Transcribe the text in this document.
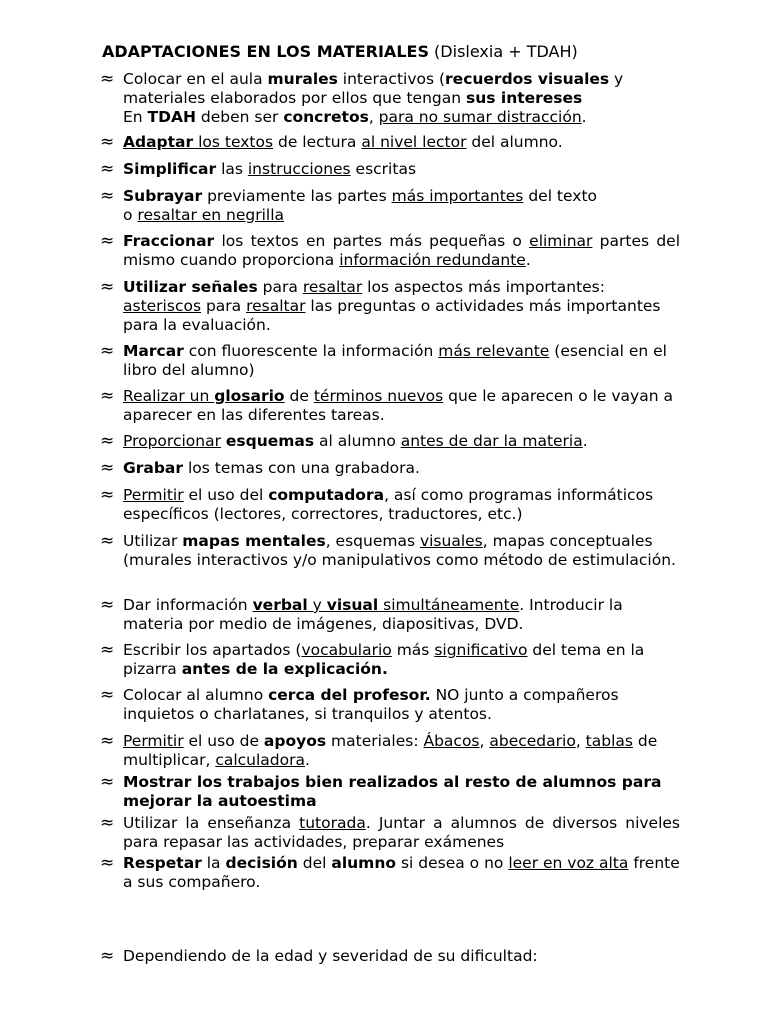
ADAPTACIONES EN LOS MATERIALES (Dislexia + TDAH)
≈ Colocar en el aula murales interactivos (recuerdos visuales y materiales elaborados por ellos que tengan sus intereses
En TDAH deben ser concretos, para no sumar distracción.
≈ Adaptar los textos de lectura al nivel lector del alumno.
≈ Simplificar las instrucciones escritas
≈ Subrayar previamente las partes más importantes del texto
o resaltar en negrilla
≈ Fraccionar los textos en partes más pequeñas o eliminar partes del mismo cuando proporciona información redundante.
≈ Utilizar señales para resaltar los aspectos más importantes: asteriscos para resaltar las preguntas o actividades más importantes para la evaluación.
≈ Marcar con fluorescente la información más relevante (esencial en el libro del alumno)
≈ Realizar un glosario de términos nuevos que le aparecen o le vayan a aparecer en las diferentes tareas.
≈ Proporcionar esquemas al alumno antes de dar la materia.
≈ Grabar los temas con una grabadora.
≈ Permitir el uso del computadora, así como programas informáticos específicos (lectores, correctores, traductores, etc.)
≈ Utilizar mapas mentales, esquemas visuales, mapas conceptuales (murales interactivos y/o manipulativos como método de estimulación.
≈ Dar información verbal y visual simultáneamente. Introducir la materia por medio de imágenes, diapositivas, DVD.
≈ Escribir los apartados (vocabulario más significativo del tema en la pizarra antes de la explicación.
≈ Colocar al alumno cerca del profesor. NO junto a compañeros inquietos o charlatanes, si tranquilos y atentos.
≈ Permitir el uso de apoyos materiales: Ábacos, abecedario, tablas de multiplicar, calculadora.
≈ Mostrar los trabajos bien realizados al resto de alumnos para mejorar la autoestima
≈ Utilizar la enseñanza tutorada. Juntar a alumnos de diversos niveles para repasar las actividades, preparar exámenes
≈ Respetar la decisión del alumno si desea o no leer en voz alta frente a sus compañero.
≈ Dependiendo de la edad y severidad de su dificultad:
